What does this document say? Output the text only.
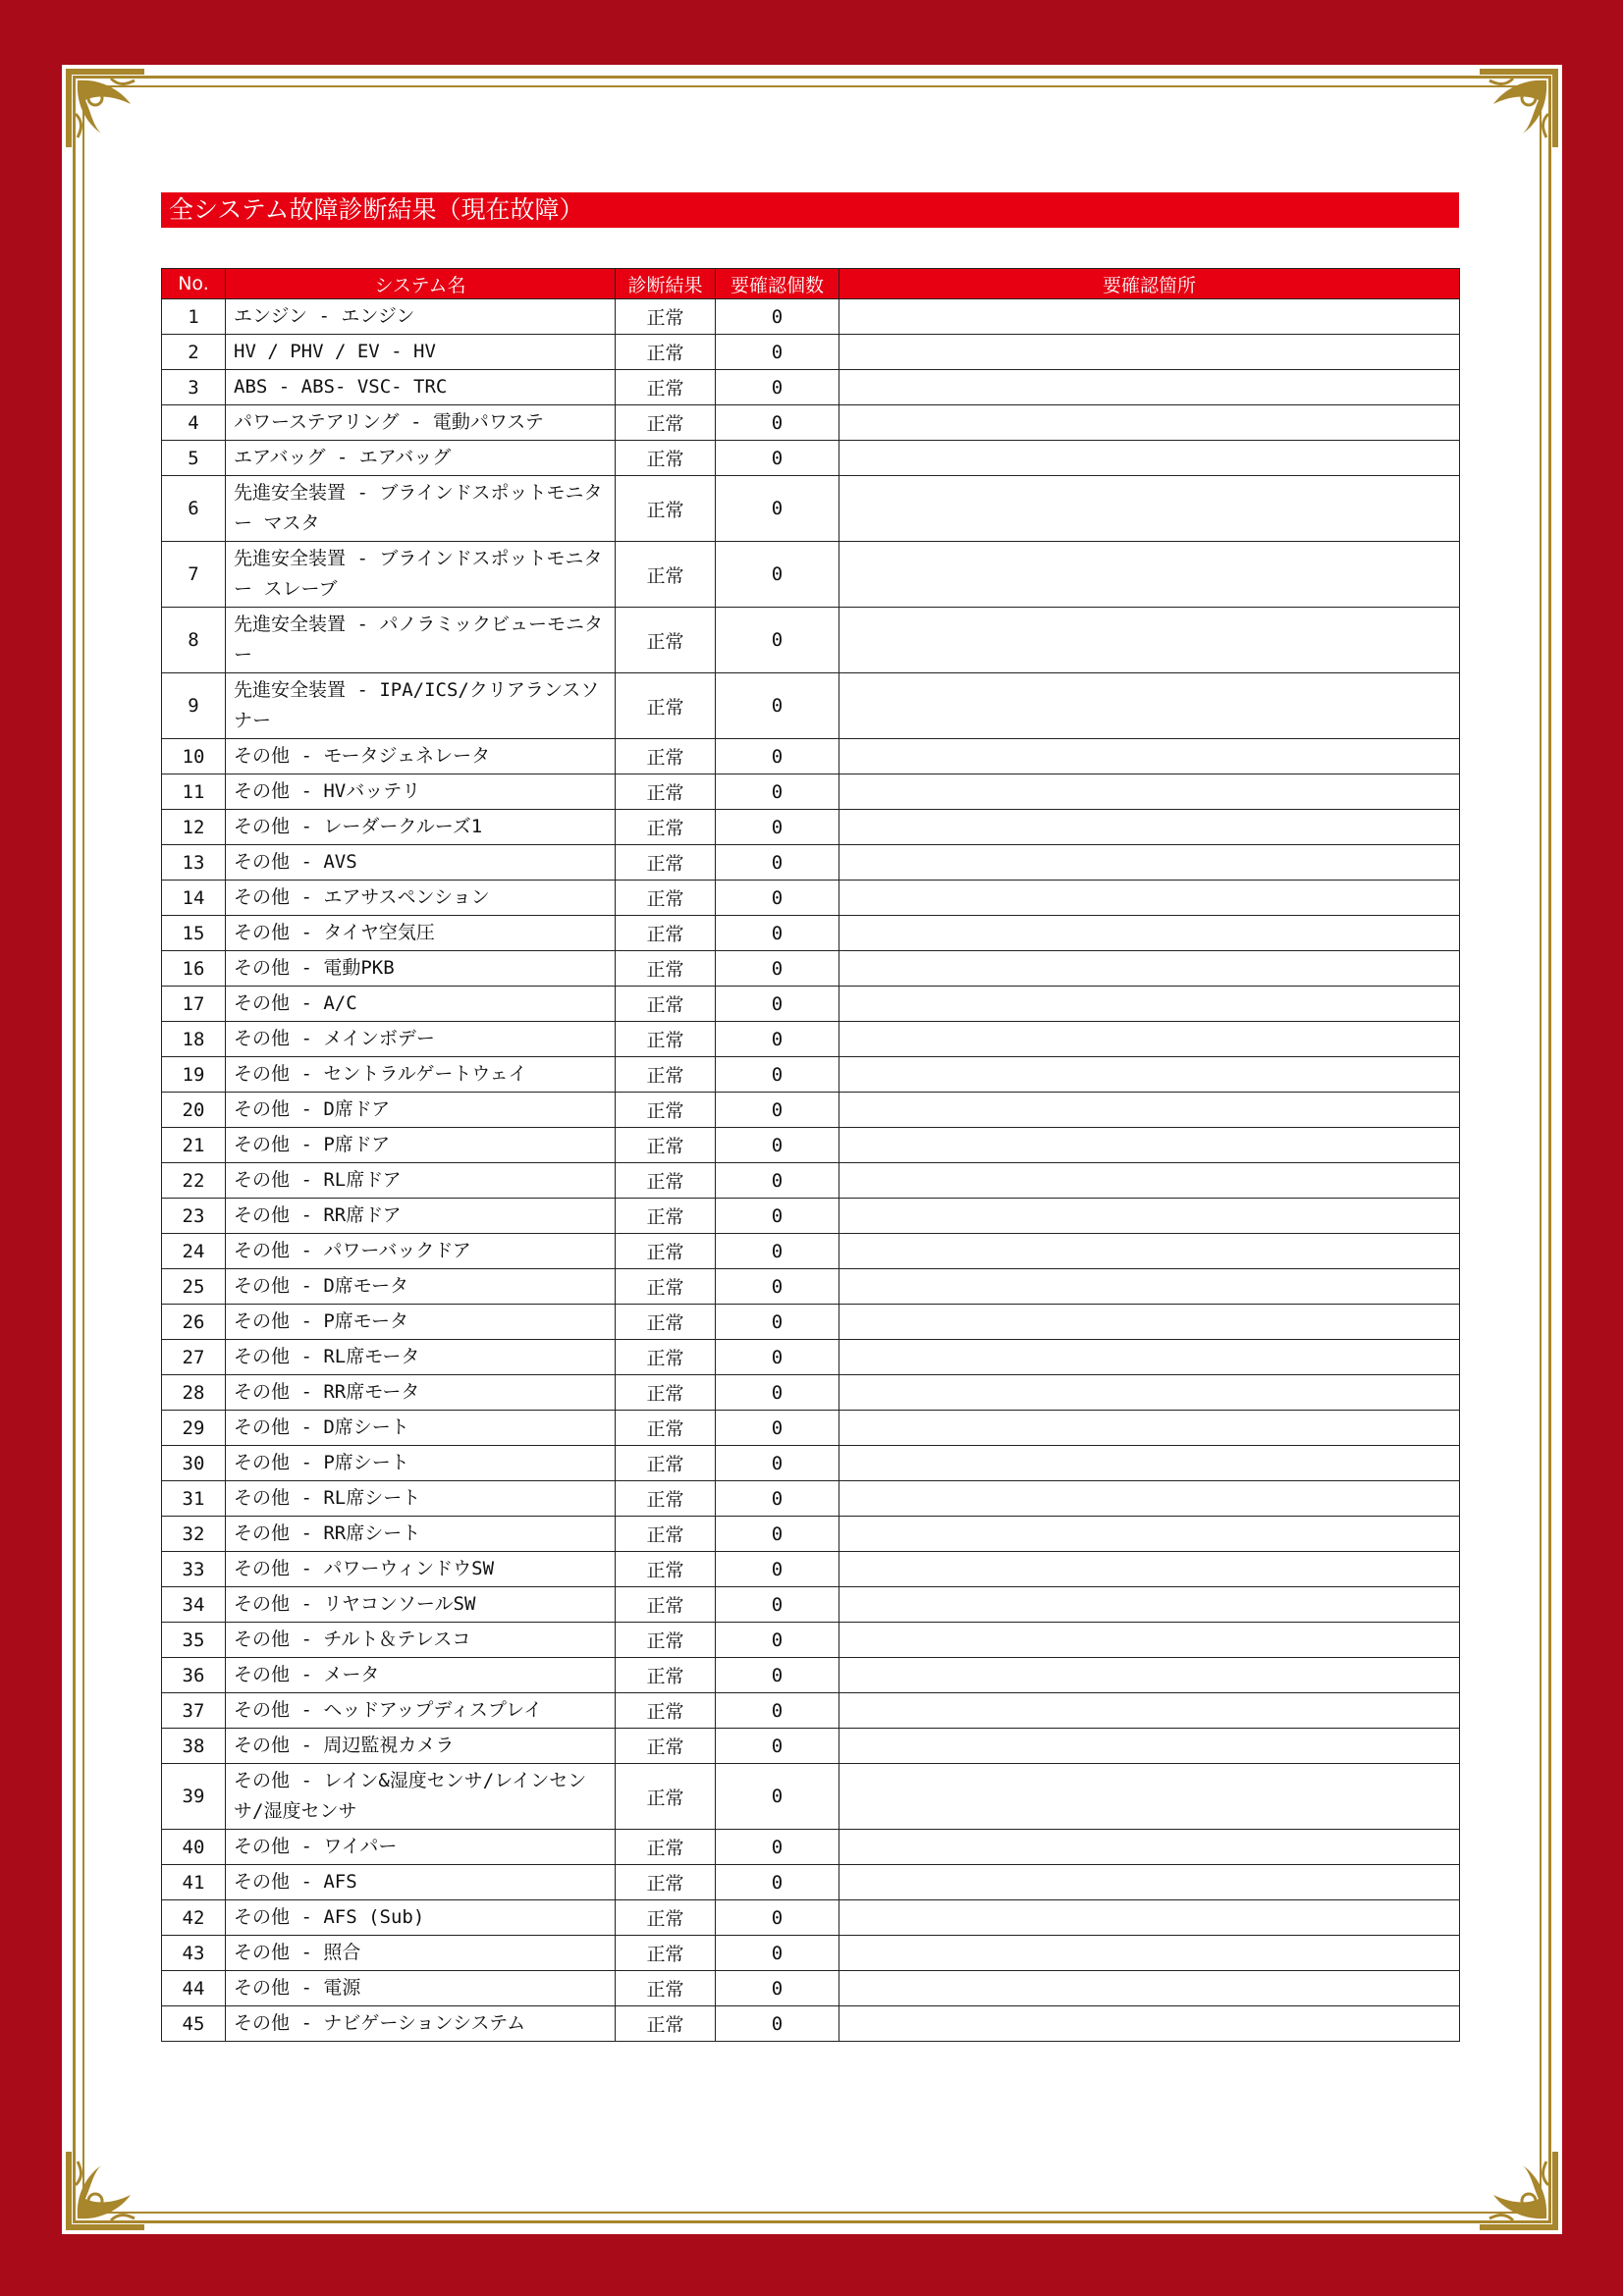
全システム故障診断結果（現在故障）
No.	システム名	診断結果	要確認個数	要確認箇所
1	エンジン - エンジン	正常	0	
2	HV / PHV / EV - HV	正常	0	
3	ABS - ABS- VSC- TRC	正常	0	
4	パワーステアリング - 電動パワステ	正常	0	
5	エアバッグ - エアバッグ	正常	0	
6	先進安全装置 - ブラインドスポットモニター マスタ	正常	0	
7	先進安全装置 - ブラインドスポットモニター スレーブ	正常	0	
8	先進安全装置 - パノラミックビューモニター	正常	0	
9	先進安全装置 - IPA/ICS/クリアランスソナー	正常	0	
10	その他 - モータジェネレータ	正常	0	
11	その他 - HVバッテリ	正常	0	
12	その他 - レーダークルーズ1	正常	0	
13	その他 - AVS	正常	0	
14	その他 - エアサスペンション	正常	0	
15	その他 - タイヤ空気圧	正常	0	
16	その他 - 電動PKB	正常	0	
17	その他 - A/C	正常	0	
18	その他 - メインボデー	正常	0	
19	その他 - セントラルゲートウェイ	正常	0	
20	その他 - D席ドア	正常	0	
21	その他 - P席ドア	正常	0	
22	その他 - RL席ドア	正常	0	
23	その他 - RR席ドア	正常	0	
24	その他 - パワーバックドア	正常	0	
25	その他 - D席モータ	正常	0	
26	その他 - P席モータ	正常	0	
27	その他 - RL席モータ	正常	0	
28	その他 - RR席モータ	正常	0	
29	その他 - D席シート	正常	0	
30	その他 - P席シート	正常	0	
31	その他 - RL席シート	正常	0	
32	その他 - RR席シート	正常	0	
33	その他 - パワーウィンドウSW	正常	0	
34	その他 - リヤコンソールSW	正常	0	
35	その他 - チルト＆テレスコ	正常	0	
36	その他 - メータ	正常	0	
37	その他 - ヘッドアップディスプレイ	正常	0	
38	その他 - 周辺監視カメラ	正常	0	
39	その他 - レイン&湿度センサ/レインセンサ/湿度センサ	正常	0	
40	その他 - ワイパー	正常	0	
41	その他 - AFS	正常	0	
42	その他 - AFS (Sub)	正常	0	
43	その他 - 照合	正常	0	
44	その他 - 電源	正常	0	
45	その他 - ナビゲーションシステム	正常	0	
